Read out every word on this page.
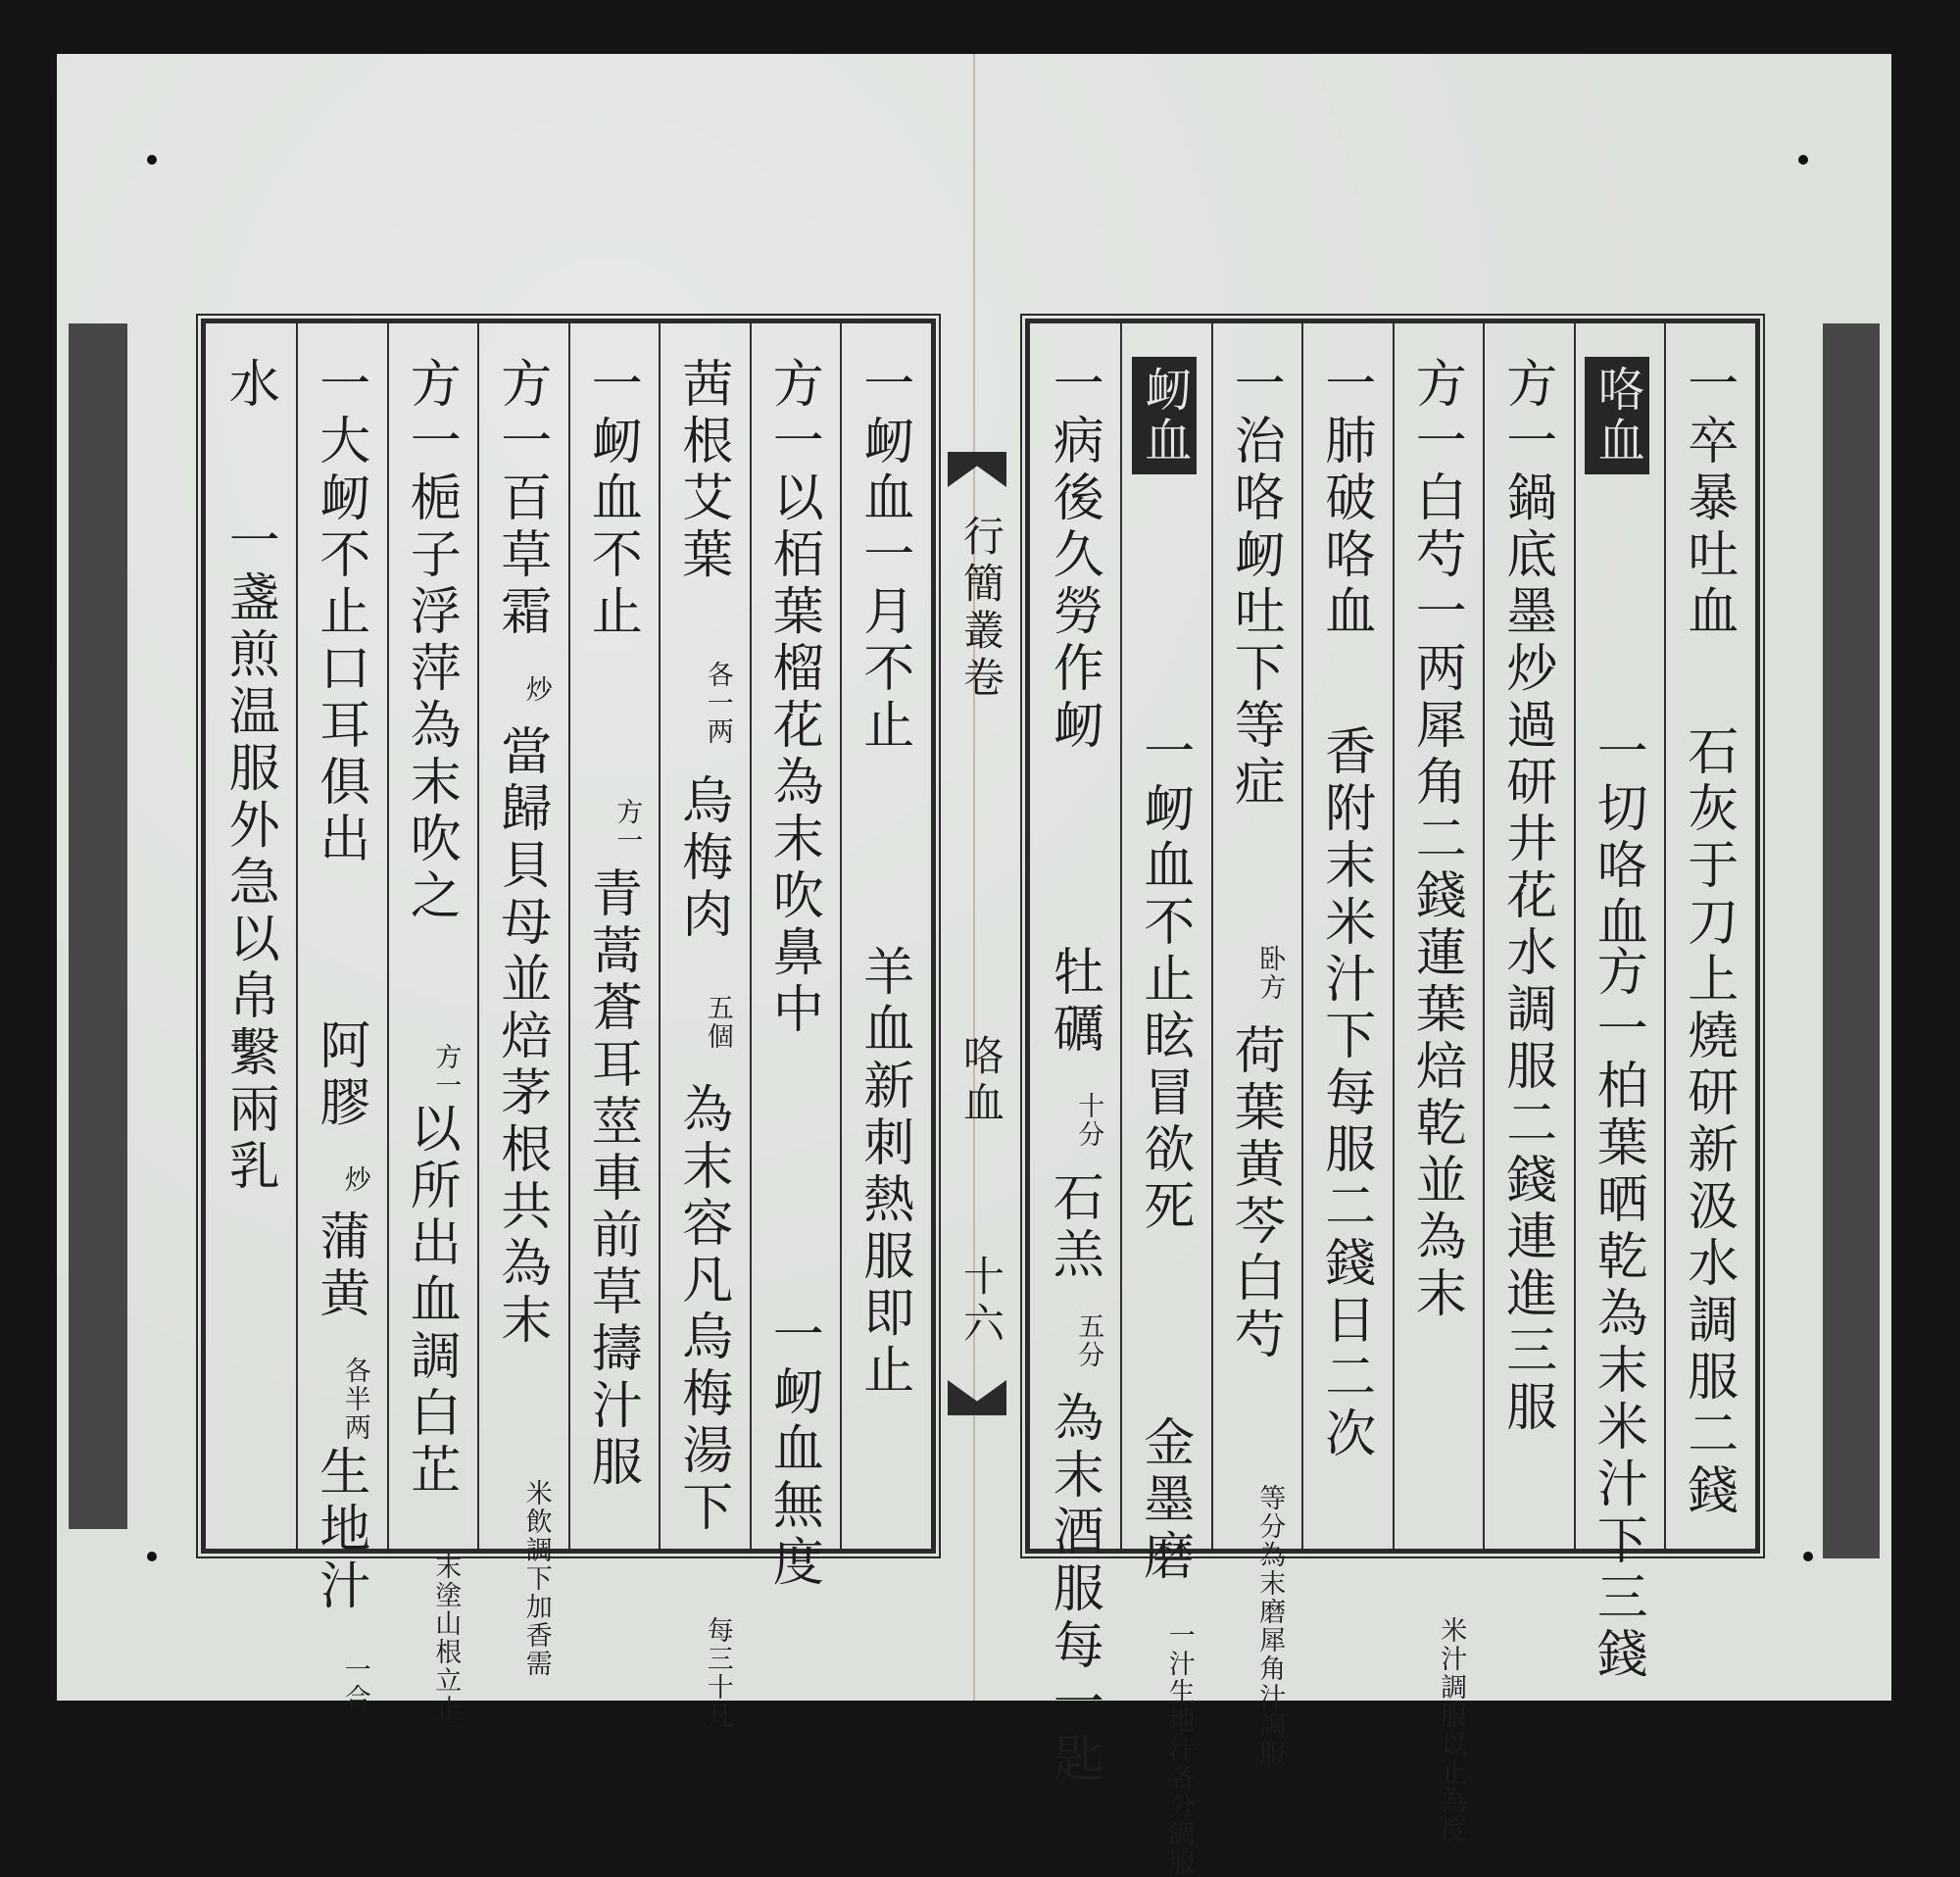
一卒暴吐血
石灰于刀上燒研新汲水調服二錢
咯血
一切咯血
方一柏葉晒乾為末米汁下三錢
方一鍋底墨炒過研井花水調服二錢連進三服
方一白芍一两犀角二錢蓮葉焙乾並為末
米汁調服以止為度
一肺破咯血
香附末米汁下每服二錢日二次
一治咯衂吐下等症
卧方
荷葉黄芩白芍
等分為末磨犀角汁調服
衂血
一衂血不止眩冒欲死
金墨磨
一汁生地汁各分調服
一病後久勞作衂
牡礪
十分
石羔
五分
為末酒服每一匙
行簡叢卷
咯血
十六
一衂血一月不止
羊血新刺熱服即止
方一以栢葉榴花為末吹鼻中
一衂血無度
茜根艾葉
各一两
烏梅肉
五個
為末容凡烏梅湯下
每三十凡
一衂血不止
方一
青蒿蒼耳莖車前草擣汁服
方一百草霜
炒
當歸貝母並焙茅根共為末
米飲調下加香需
方一梔子浮萍為末吹之
方一
以所出血調白芷
末塗山根立止
一大衂不止口耳俱出
阿膠
炒
蒲黄
各半两
生地汁
一合
水
一盞煎温服外急以帛繫兩乳
